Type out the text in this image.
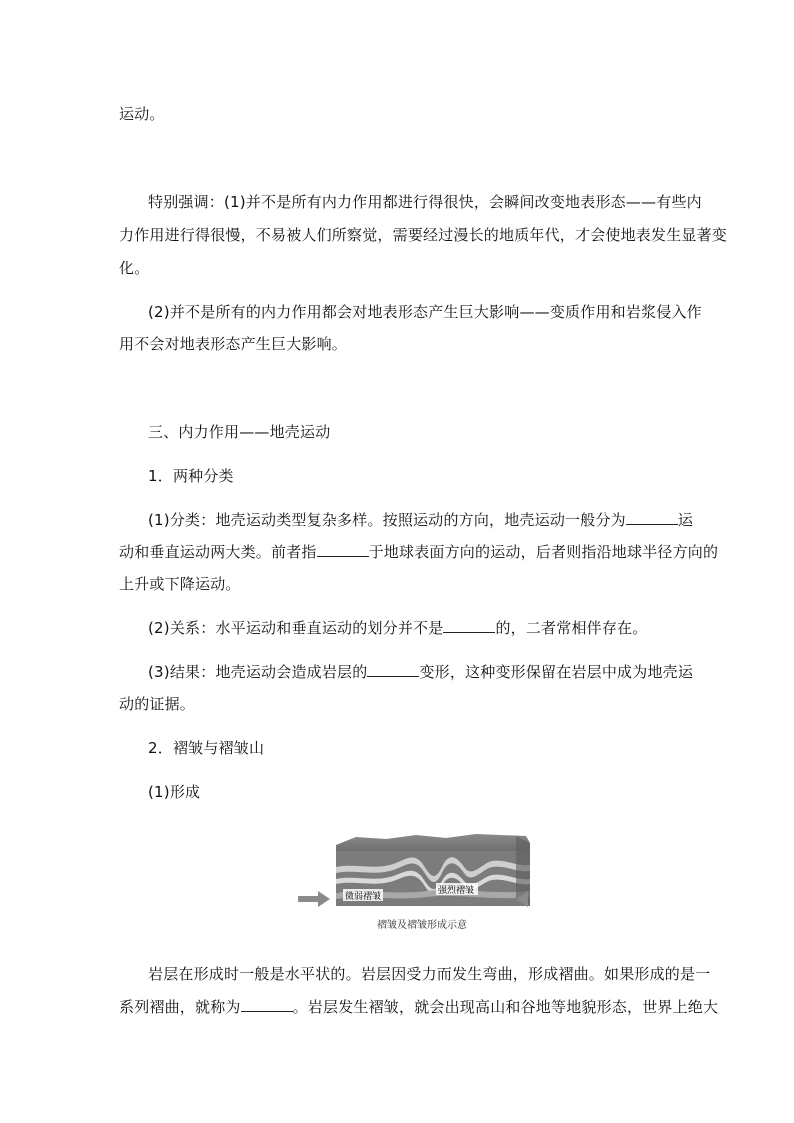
运动。
特别强调：(1)并不是所有内力作用都进行得很快，会瞬间改变地表形态——有些内
力作用进行得很慢，不易被人们所察觉，需要经过漫长的地质年代，才会使地表发生显著变
化。
(2)并不是所有的内力作用都会对地表形态产生巨大影响——变质作用和岩浆侵入作
用不会对地表形态产生巨大影响。
三、内力作用——地壳运动
1．两种分类
(1)分类：地壳运动类型复杂多样。按照运动的方向，地壳运动一般分为	运
动和垂直运动两大类。前者指	于地球表面方向的运动，后者则指沿地球半径方向的
上升或下降运动。
(2)关系：水平运动和垂直运动的划分并不是	的，二者常相伴存在。
(3)结果：地壳运动会造成岩层的	变形，这种变形保留在岩层中成为地壳运
动的证据。
2．褶皱与褶皱山
(1)形成
微弱褶皱
强烈褶皱
褶皱及褶皱形成示意
岩层在形成时一般是水平状的。岩层因受力而发生弯曲，形成褶曲。如果形成的是一
系列褶曲，就称为	。岩层发生褶皱，就会出现高山和谷地等地貌形态，世界上绝大
